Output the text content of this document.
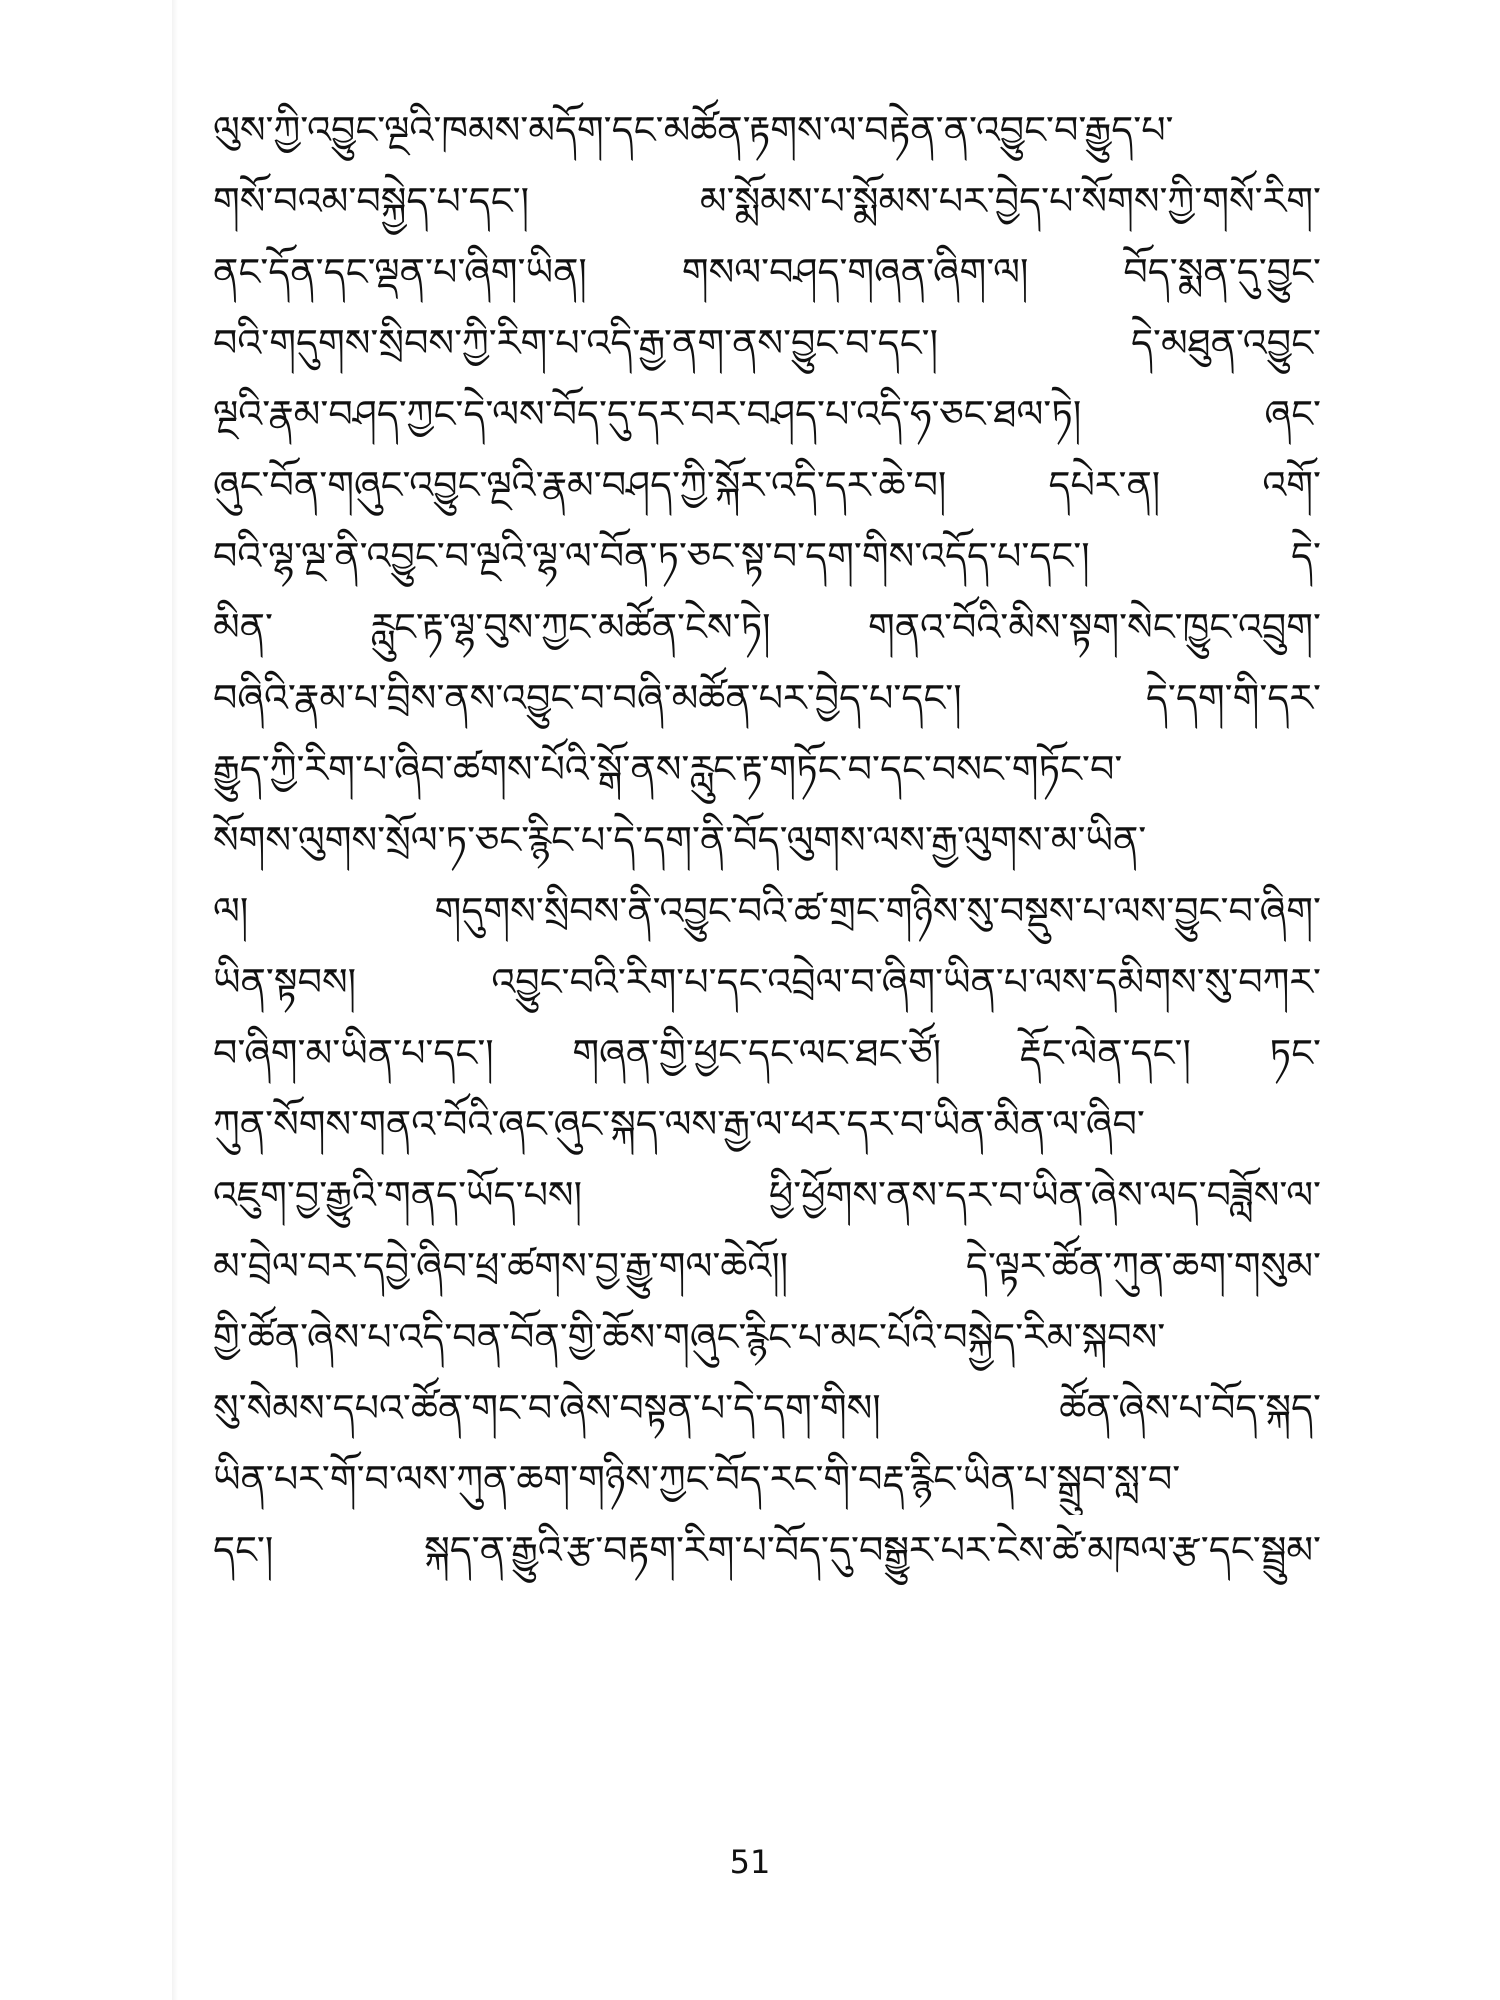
ལུས་ཀྱི་འབྱུང་ལྔའི་ཁམས་མདོག་དང་མཚོན་རྟགས་ལ་བརྟེན་ན་འབྱུང་བ་རྒྱུད་པ་
གསོ་བའམ་བསྐྱེད་པ་དང་། མ་སྨོམས་པ་སྨོམས་པར་བྱེད་པ་སོགས་ཀྱི་གསོ་རིག་
ནང་དོན་དང་ལྡན་པ་ཞིག་ཡིན། གསལ་བཤད་གཞན་ཞིག་ལ། བོད་སྨན་དུ་བྱུང་
བའི་གདུགས་སྲིབས་ཀྱི་རིག་པ་འདི་རྒྱ་ནག་ནས་བྱུང་བ་དང་། དེ་མཐུན་འབྱུང་
ལྔའི་རྣམ་བཤད་ཀྱང་དེ་ལས་བོད་དུ་དར་བར་བཤད་པ་འདི་ཧ་ཅང་ཐལ་ཏེ། ཞང་
ཞུང་བོན་གཞུང་འབྱུང་ལྔའི་རྣམ་བཤད་ཀྱི་སྐོར་འདི་དར་ཆེ་བ། དཔེར་ན། འགོ་
བའི་ལྷ་ལྔ་ནི་འབྱུང་བ་ལྔའི་ལྷ་ལ་བོན་ཏ་ཅང་སྟ་བ་དག་གིས་འདོད་པ་དང་། དེ་
མིན་ རླུང་རྟ་ལྷ་བུས་ཀྱང་མཚོན་ངེས་ཏེ། གནའ་བོའི་མིས་སྟག་སེང་ཁྱུང་འབྲུག་
བཞིའི་རྣམ་པ་བྲིས་ནས་འབྱུང་བ་བཞི་མཚོན་པར་བྱེད་པ་དང་། དེ་དག་གི་དར་
རྒྱུད་ཀྱི་རིག་པ་ཞིབ་ཚགས་པོའི་སྒོ་ནས་རླུང་རྟ་གཏོང་བ་དང་བསང་གཏོང་བ་
སོགས་ལུགས་སྲོལ་ཏ་ཅང་རྙིང་པ་དེ་དག་ནི་བོད་ལུགས་ལས་རྒྱ་ལུགས་མ་ཡིན་
ལ། གདུགས་སྲིབས་ནི་འབྱུང་བའི་ཚ་གྲང་གཉིས་སུ་བསྡུས་པ་ལས་བྱུང་བ་ཞིག་
ཡིན་སྟབས། འབྱུང་བའི་རིག་པ་དང་འབྲེལ་བ་ཞིག་ཡིན་པ་ལས་དམིགས་སུ་བཀར་
བ་ཞིག་མ་ཡིན་པ་དང་། གཞན་གྱི་ཕྱང་དང་ལང་ཐང་ཙོ། རྡོང་ལེན་དང་། ཏང་
ཀུན་སོགས་གནའ་བོའི་ཞང་ཞུང་སྐད་ལས་རྒྱ་ལ་ཕར་དར་བ་ཡིན་མིན་ལ་ཞིབ་
འཇུག་བྱ་རྒྱུའི་གནད་ཡོད་པས། ཕྱི་ཕྱོགས་ནས་དར་བ་ཡིན་ཞེས་ལད་བཟློས་ལ་
མ་བྲེལ་བར་དབྱེ་ཞིབ་ཕྲ་ཚགས་བྱ་རྒྱུ་གལ་ཆེའོ།། དེ་ལྟར་ཚོན་ཀུན་ཆག་གསུམ་
གྱི་ཚོན་ཞེས་པ་འདི་བན་བོན་གྱི་ཆོས་གཞུང་རྙིང་པ་མང་པོའི་བསྐྱེད་རིམ་སྐབས་
སུ་སེམས་དཔའ་ཚོན་གང་བ་ཞེས་བསྟན་པ་དེ་དག་གིས། ཚོན་ཞེས་པ་བོད་སྐད་
ཡིན་པར་གོ་བ་ལས་ཀུན་ཆག་གཉིས་ཀྱང་བོད་རང་གི་བརྡ་རྙིང་ཡིན་པ་སྒྲུབ་སླ་བ་
དང་། སྐད་ན་རྒྱུའི་རྩ་བརྟག་རིག་པ་བོད་དུ་བསྒྱུར་པར་ངེས་ཚེ་མཁལ་རྩ་དང་སྦྲུམ་
51
